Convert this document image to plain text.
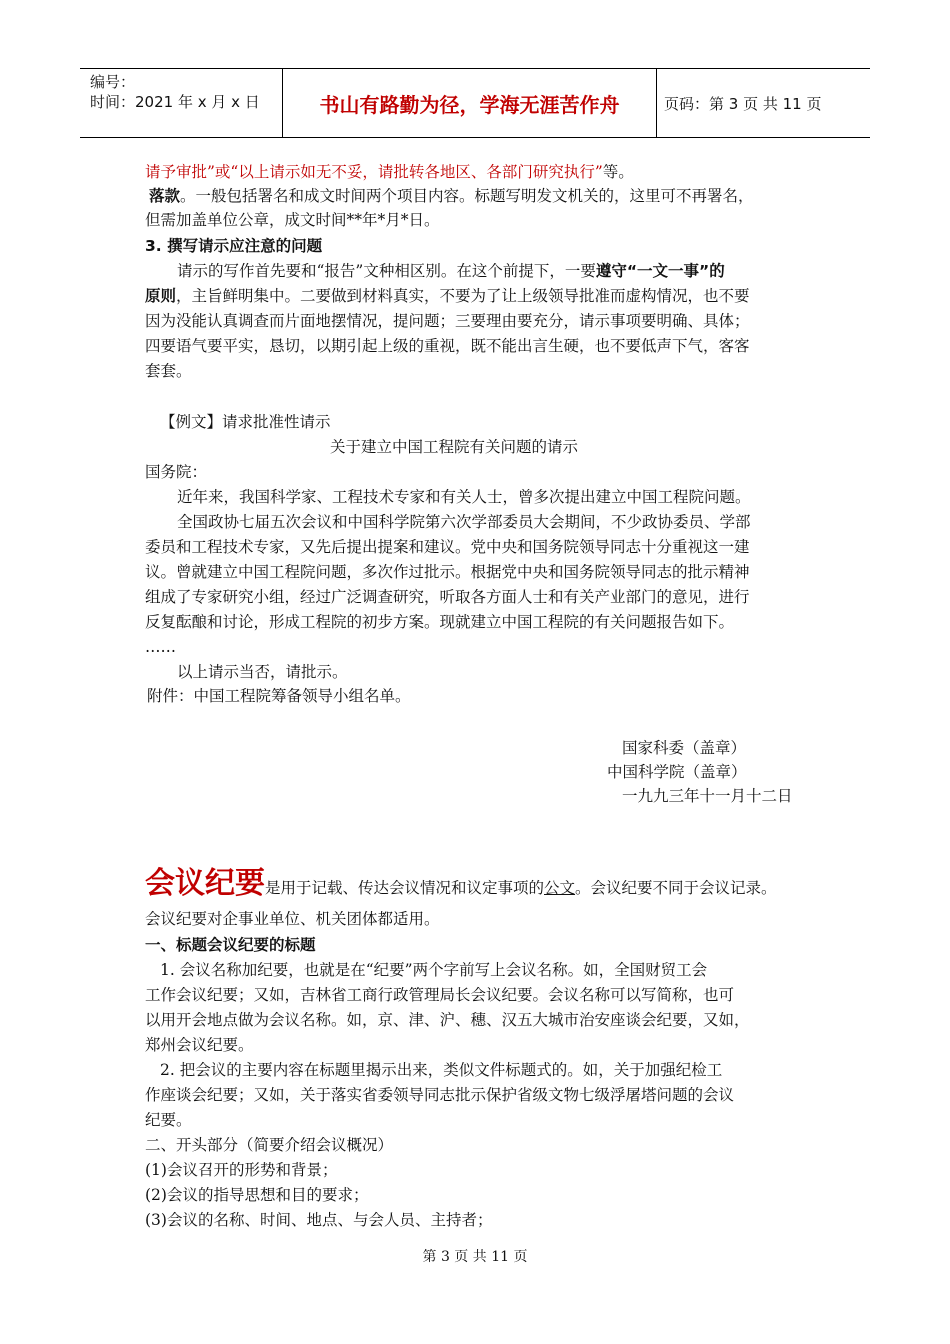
编号：
时间：2021 年 x 月 x 日	书山有路勤为径，学海无涯苦作舟	页码：第 3 页 共 11 页
请予审批”或“以上请示如无不妥，请批转各地区、各部门研究执行”等。
落款。一般包括署名和成文时间两个项目内容。标题写明发文机关的，这里可不再署名，
但需加盖单位公章，成文时间**年*月*日。
3. 撰写请示应注意的问题
请示的写作首先要和“报告”文种相区别。在这个前提下，一要遵守“一文一事”的
原则，主旨鲜明集中。二要做到材料真实，不要为了让上级领导批准而虚构情况，也不要
因为没能认真调查而片面地摆情况，提问题；三要理由要充分，请示事项要明确、具体；
四要语气要平实，恳切，以期引起上级的重视，既不能出言生硬，也不要低声下气，客客
套套。
【例文】请求批准性请示
关于建立中国工程院有关问题的请示
国务院：
近年来，我国科学家、工程技术专家和有关人士，曾多次提出建立中国工程院问题。
全国政协七届五次会议和中国科学院第六次学部委员大会期间，不少政协委员、学部
委员和工程技术专家，又先后提出提案和建议。党中央和国务院领导同志十分重视这一建
议。曾就建立中国工程院问题，多次作过批示。根据党中央和国务院领导同志的批示精神
组成了专家研究小组，经过广泛调查研究，听取各方面人士和有关产业部门的意见，进行
反复酝酿和讨论，形成工程院的初步方案。现就建立中国工程院的有关问题报告如下。
……
以上请示当否，请批示。
附件：中国工程院筹备领导小组名单。
国家科委（盖章）
中国科学院（盖章）
一九九三年十一月十二日
会议纪要是用于记载、传达会议情况和议定事项的公文。会议纪要不同于会议记录。
会议纪要对企事业单位、机关团体都适用。
一、标题会议纪要的标题
1. 会议名称加纪要，也就是在“纪要”两个字前写上会议名称。如，全国财贸工会
工作会议纪要；又如，吉林省工商行政管理局长会议纪要。会议名称可以写简称，也可
以用开会地点做为会议名称。如，京、津、沪、穗、汉五大城市治安座谈会纪要，又如，
郑州会议纪要。
2. 把会议的主要内容在标题里揭示出来，类似文件标题式的。如，关于加强纪检工
作座谈会纪要；又如，关于落实省委领导同志批示保护省级文物七级浮屠塔问题的会议
纪要。
二、开头部分（简要介绍会议概况）
(1)会议召开的形势和背景；
(2)会议的指导思想和目的要求；
(3)会议的名称、时间、地点、与会人员、主持者；
第 3 页 共 11 页
